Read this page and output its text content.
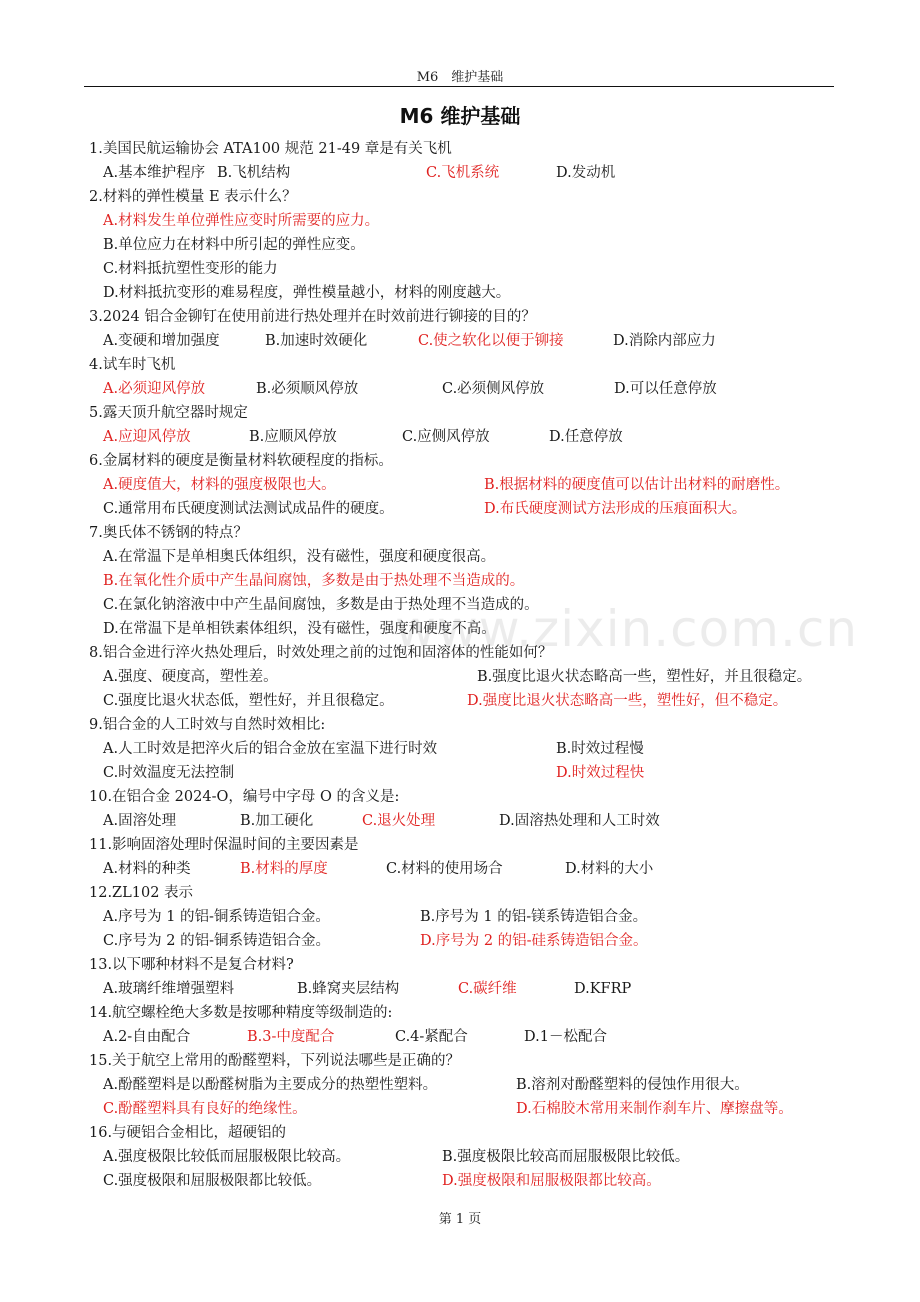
M6　维护基础
M6 维护基础
www.zixin.com.cn
1.美国民航运输协会 ATA100 规范 21-49 章是有关飞机
A.基本维护程序 B.飞机结构	C.飞机系统	D.发动机
2.材料的弹性模量 E 表示什么？
A.材料发生单位弹性应变时所需要的应力。
B.单位应力在材料中所引起的弹性应变。
C.材料抵抗塑性变形的能力
D.材料抵抗变形的难易程度，弹性模量越小，材料的刚度越大。
3.2024 铝合金铆钉在使用前进行热处理并在时效前进行铆接的目的？
A.变硬和增加强度	B.加速时效硬化	C.使之软化以便于铆接	D.消除内部应力
4.试车时飞机
A.必须迎风停放	B.必须顺风停放	C.必须侧风停放	D.可以任意停放
5.露天顶升航空器时规定
A.应迎风停放	B.应顺风停放	C.应侧风停放	D.任意停放
6.金属材料的硬度是衡量材料软硬程度的指标。
A.硬度值大，材料的强度极限也大。	B.根据材料的硬度值可以估计出材料的耐磨性。
C.通常用布氏硬度测试法测试成品件的硬度。	D.布氏硬度测试方法形成的压痕面积大。
7.奥氏体不锈钢的特点？
A.在常温下是单相奥氏体组织，没有磁性，强度和硬度很高。
B.在氧化性介质中产生晶间腐蚀，多数是由于热处理不当造成的。
C.在氯化钠溶液中中产生晶间腐蚀，多数是由于热处理不当造成的。
D.在常温下是单相铁素体组织，没有磁性，强度和硬度不高。
8.铝合金进行淬火热处理后，时效处理之前的过饱和固溶体的性能如何？
A.强度、硬度高，塑性差。	B.强度比退火状态略高一些，塑性好，并且很稳定。
C.强度比退火状态低，塑性好，并且很稳定。	D.强度比退火状态略高一些，塑性好，但不稳定。
9.铝合金的人工时效与自然时效相比:
A.人工时效是把淬火后的铝合金放在室温下进行时效	B.时效过程慢
C.时效温度无法控制	D.时效过程快
10.在铝合金 2024-O，编号中字母 O 的含义是:
A.固溶处理	B.加工硬化	C.退火处理	D.固溶热处理和人工时效
11.影响固溶处理时保温时间的主要因素是
A.材料的种类	B.材料的厚度	C.材料的使用场合	D.材料的大小
12.ZL102 表示
A.序号为 1 的铝-铜系铸造铝合金。	B.序号为 1 的铝-镁系铸造铝合金。
C.序号为 2 的铝-铜系铸造铝合金。	D.序号为 2 的铝-硅系铸造铝合金。
13.以下哪种材料不是复合材料?
A.玻璃纤维增强塑料	B.蜂窝夹层结构	C.碳纤维	D.KFRP
14.航空螺栓绝大多数是按哪种精度等级制造的:
A.2-自由配合	B.3-中度配合	C.4-紧配合	D.1－松配合
15.关于航空上常用的酚醛塑料，下列说法哪些是正确的？
A.酚醛塑料是以酚醛树脂为主要成分的热塑性塑料。	B.溶剂对酚醛塑料的侵蚀作用很大。
C.酚醛塑料具有良好的绝缘性。	D.石棉胶木常用来制作刹车片、摩擦盘等。
16.与硬铝合金相比，超硬铝的
A.强度极限比较低而屈服极限比较高。	B.强度极限比较高而屈服极限比较低。
C.强度极限和屈服极限都比较低。	D.强度极限和屈服极限都比较高。
第 1 页
